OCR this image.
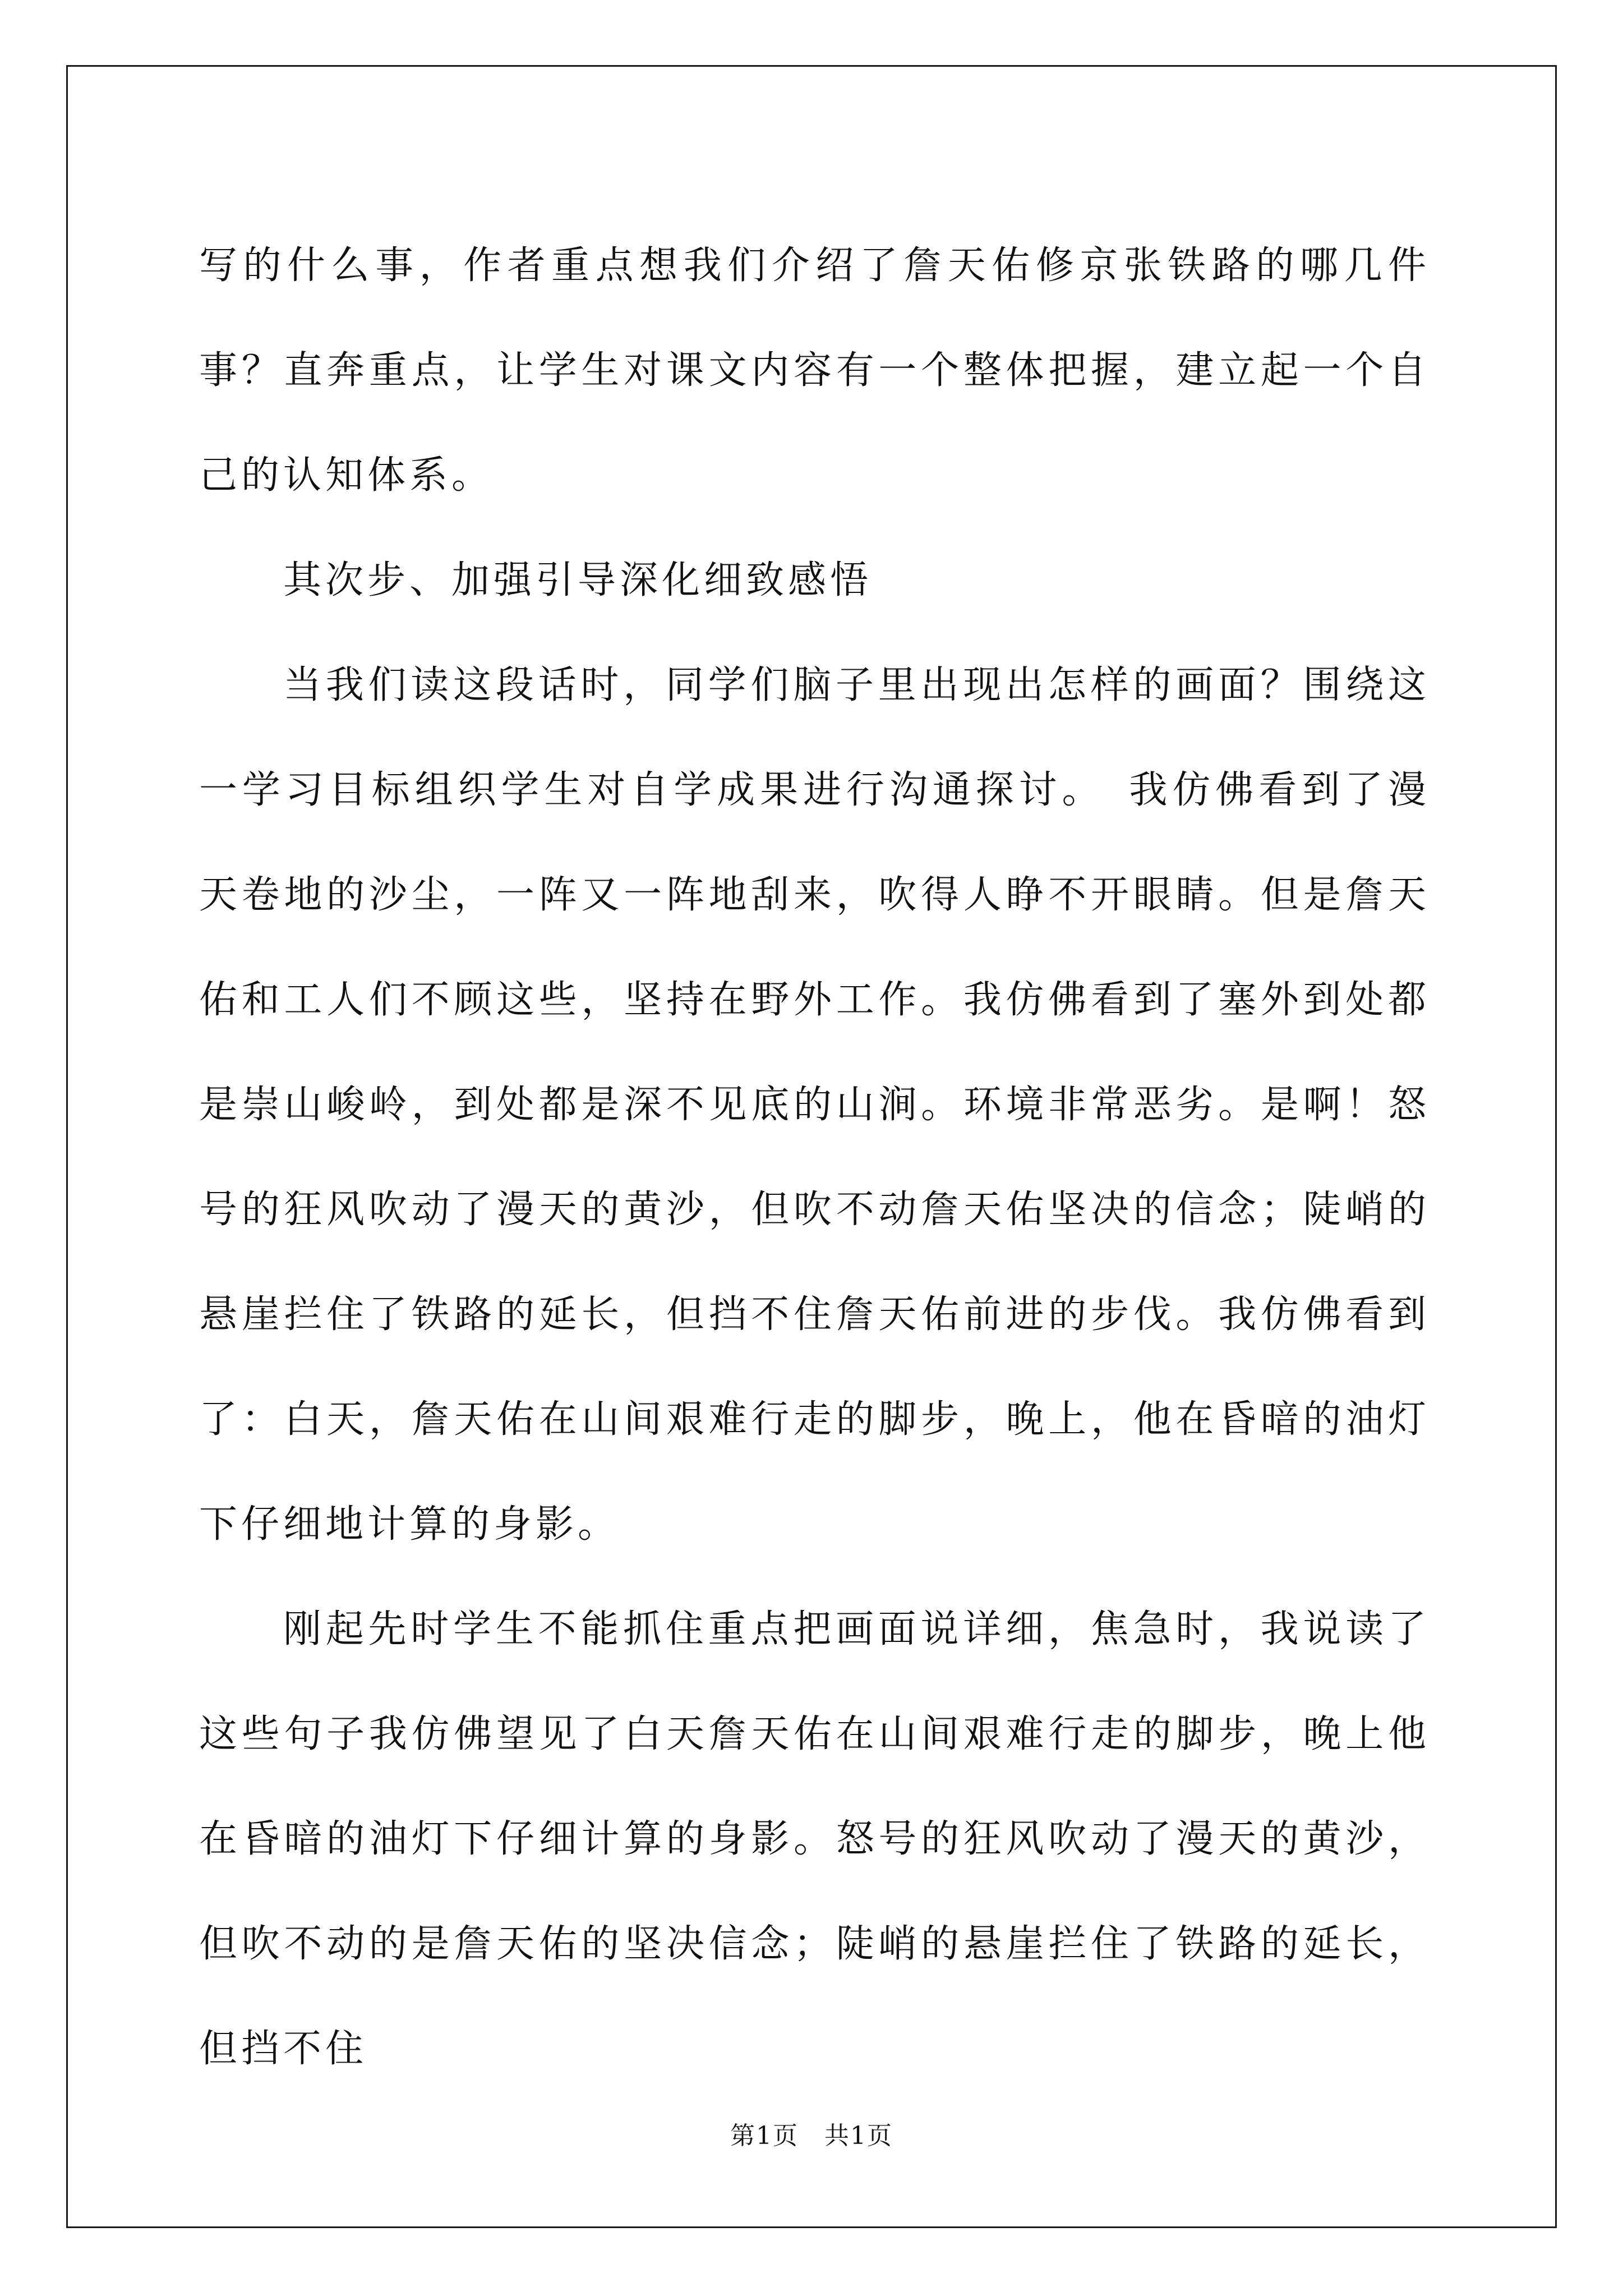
写的什么事，作者重点想我们介绍了詹天佑修京张铁路的哪几件事？直奔重点，让学生对课文内容有一个整体把握，建立起一个自己的认知体系。

其次步、加强引导深化细致感悟

当我们读这段话时，同学们脑子里出现出怎样的画面？围绕这一学习目标组织学生对自学成果进行沟通探讨。　我仿佛看到了漫天卷地的沙尘，一阵又一阵地刮来，吹得人睁不开眼睛。但是詹天佑和工人们不顾这些，坚持在野外工作。我仿佛看到了塞外到处都是崇山峻岭，到处都是深不见底的山涧。环境非常恶劣。是啊！怒号的狂风吹动了漫天的黄沙，但吹不动詹天佑坚决的信念；陡峭的悬崖拦住了铁路的延长，但挡不住詹天佑前进的步伐。我仿佛看到了：白天，詹天佑在山间艰难行走的脚步，晚上，他在昏暗的油灯下仔细地计算的身影。

刚起先时学生不能抓住重点把画面说详细，焦急时，我说读了这些句子我仿佛望见了白天詹天佑在山间艰难行走的脚步，晚上他在昏暗的油灯下仔细计算的身影。怒号的狂风吹动了漫天的黄沙，但吹不动的是詹天佑的坚决信念；陡峭的悬崖拦住了铁路的延长，但挡不住

第1页　共1页
